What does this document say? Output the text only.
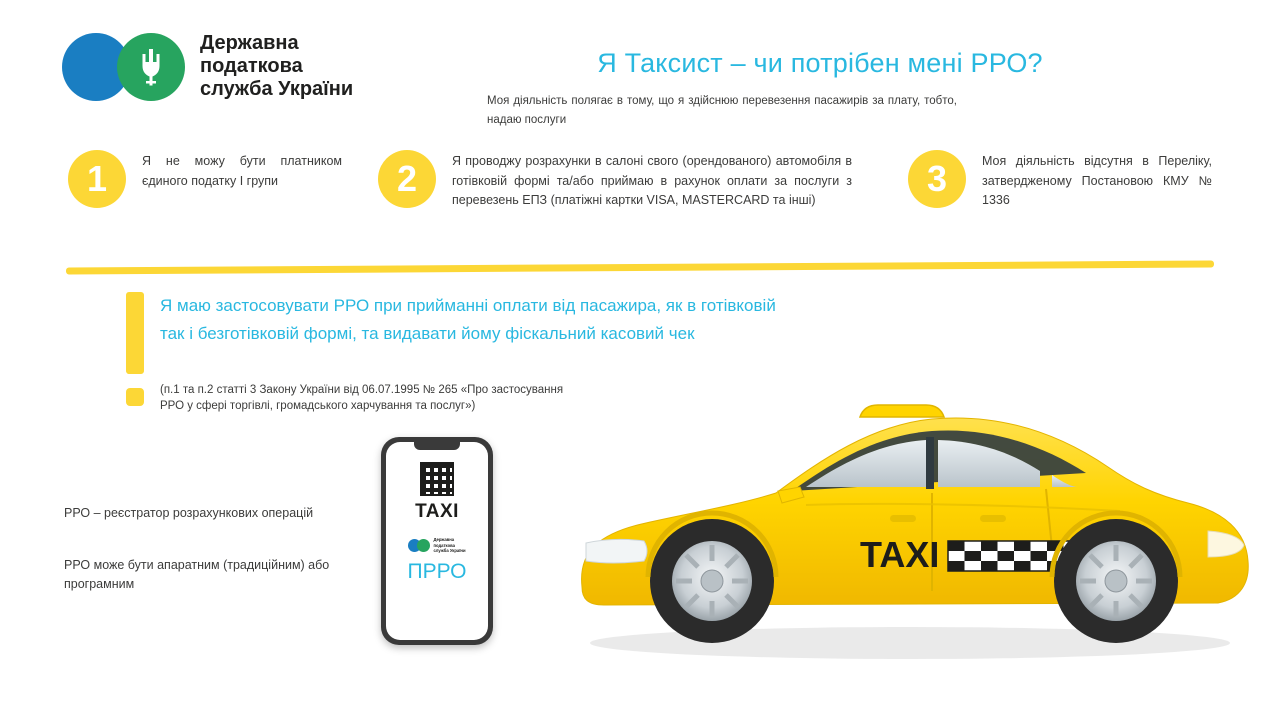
Державна
податкова
служба України
Я Таксист – чи потрібен мені РРО?
Моя діяльність полягає в тому, що я здійснюю перевезення пасажирів за плату, тобто, надаю послуги
1	Я не можу бути платником єдиного податку І групи	2	Я проводжу розрахунки в салоні свого (орендованого) автомобіля в готівковій формі та/або приймаю в рахунок оплати за послуги з перевезень ЕПЗ (платіжні картки VISA, MASTERCARD та інші)
3	Моя діяльність відсутня в Переліку, затвердженому Постановою КМУ № 1336
Я маю застосовувати РРО при прийманні оплати від пасажира, як в готівковій так і безготівковій формі, та видавати йому фіскальний касовий чек
(п.1 та п.2 статті 3 Закону України від 06.07.1995 № 265 «Про застосування РРО у сфері торгівлі, громадського харчування та послуг»)
РРО – реєстратор розрахункових операцій
РРО може бути апаратним (традиційним) або програмним
TAXI
Державна
податкова
служба України
ПРРО	TAXI
